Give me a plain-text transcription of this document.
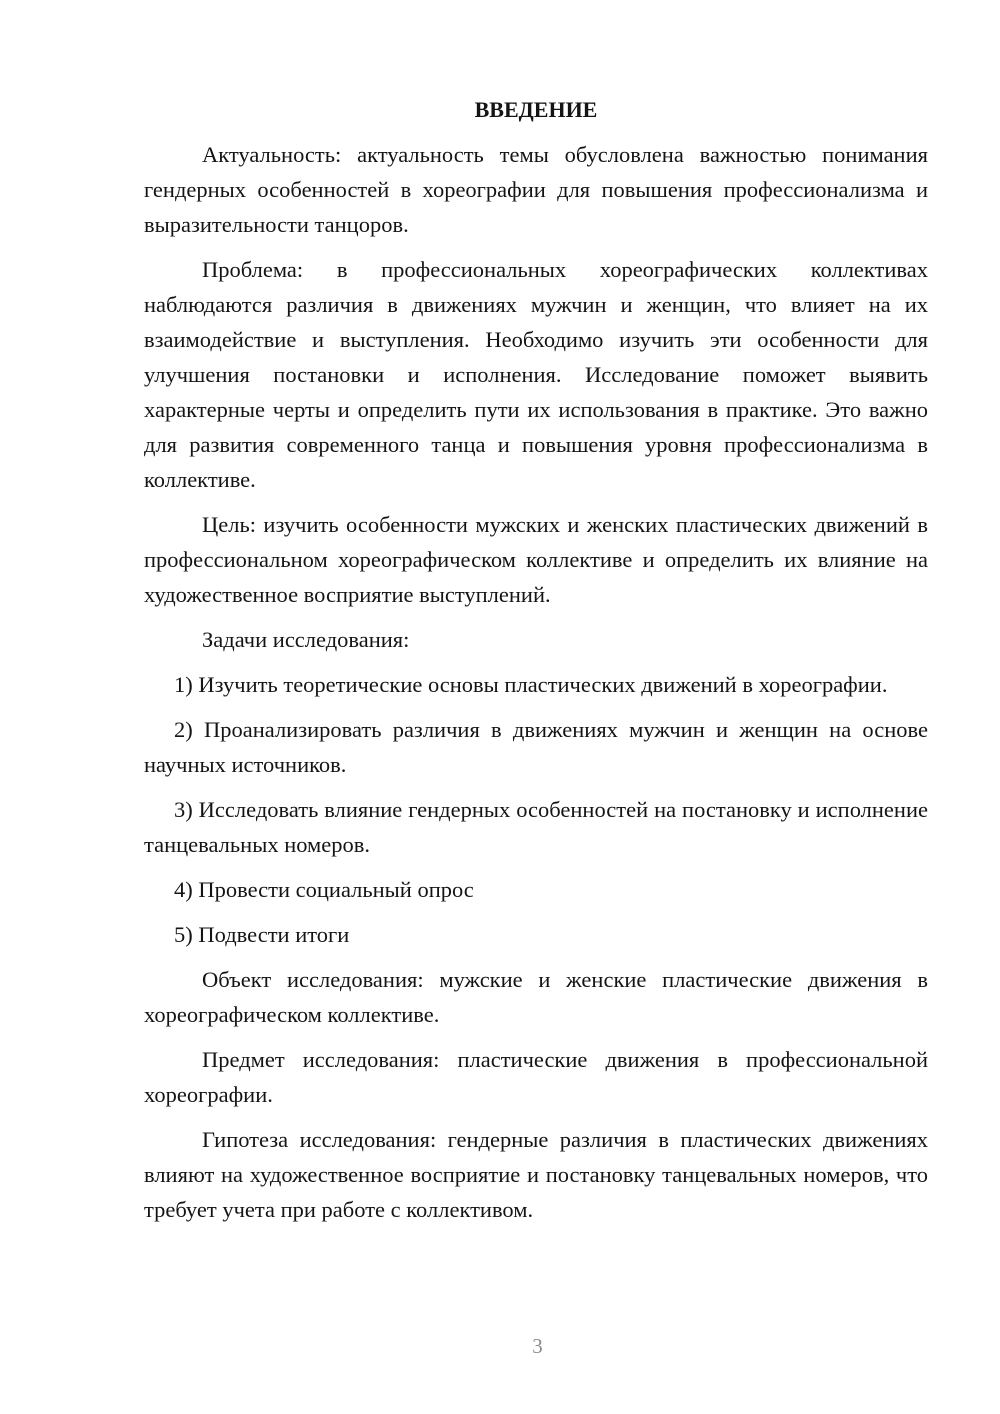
ВВЕДЕНИЕ

Актуальность: актуальность темы обусловлена важностью понимания гендерных особенностей в хореографии для повышения профессионализма и выразительности танцоров.

Проблема: в профессиональных хореографических коллективах наблюдаются различия в движениях мужчин и женщин, что влияет на их взаимодействие и выступления. Необходимо изучить эти особенности для улучшения постановки и исполнения. Исследование поможет выявить характерные черты и определить пути их использования в практике. Это важно для развития современного танца и повышения уровня профессионализма в коллективе.

Цель: изучить особенности мужских и женских пластических движений в профессиональном хореографическом коллективе и определить их влияние на художественное восприятие выступлений.

Задачи исследования:

1) Изучить теоретические основы пластических движений в хореографии.

2) Проанализировать различия в движениях мужчин и женщин на основе научных источников.

3) Исследовать влияние гендерных особенностей на постановку и исполнение танцевальных номеров.

4) Провести социальный опрос

5) Подвести итоги

Объект исследования: мужские и женские пластические движения в хореографическом коллективе.

Предмет исследования: пластические движения в профессиональной хореографии.

Гипотеза исследования: гендерные различия в пластических движениях влияют на художественное восприятие и постановку танцевальных номеров, что требует учета при работе с коллективом.

3
